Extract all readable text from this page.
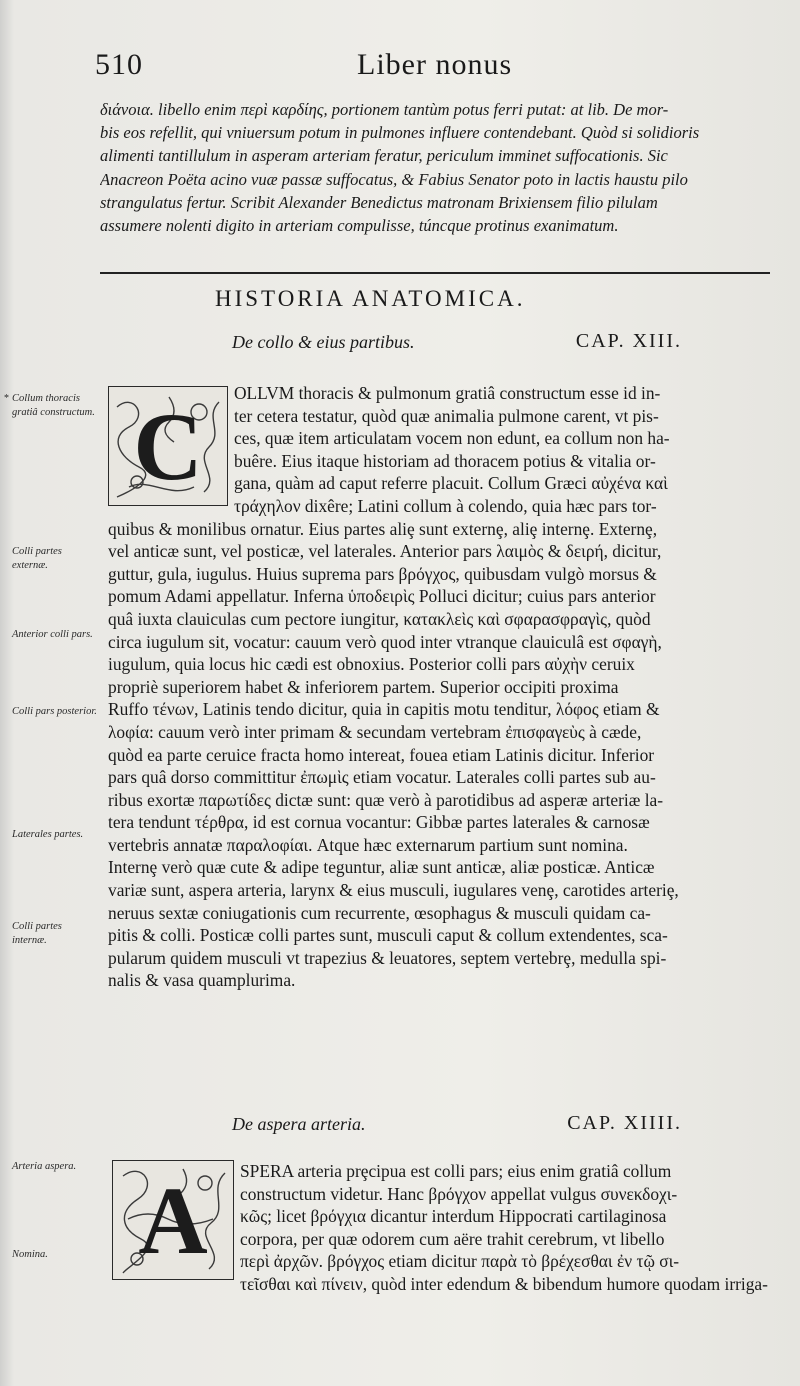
510	Liber nonus
διάνοια. libello enim περὶ καρδίης, portionem tantùm potus ferri putat: at lib. De mor-
bis eos refellit, qui vniuersum potum in pulmones influere contendebant. Quòd si solidioris
alimenti tantillulum in asperam arteriam feratur, periculum imminet suffocationis. Sic
Anacreon Poëta acino vuæ passæ suffocatus, & Fabius Senator poto in lactis haustu pilo
strangulatus fertur. Scribit Alexander Benedictus matronam Brixiensem filio pilulam
assumere nolenti digito in arteriam compulisse, túncque protinus exanimatum.
HISTORIA ANATOMICA.
De collo & eius partibus.	CAP. XIII.
* Collum thoracis gratiâ constructum.
Colli partes externæ.
Anterior colli pars.
Colli pars posterior.
Laterales partes.
Colli partes internæ.
Arteria aspera.
Nomina.
C	OLLVM thoracis & pulmonum gratiâ constructum esse id in-
ter cetera testatur, quòd quæ animalia pulmone carent, vt pis-
ces, quæ item articulatam vocem non edunt, ea collum non ha-
buêre. Eius itaque historiam ad thoracem potius & vitalia or-
gana, quàm ad caput referre placuit. Collum Græci αὐχένα καὶ
τράχηλον dixêre; Latini collum à colendo, quia hæc pars tor-
quibus & monilibus ornatur. Eius partes aliȩ sunt externȩ, aliȩ internȩ. Externȩ,
vel anticæ sunt, vel posticæ, vel laterales. Anterior pars λαιμὸς & δειρή, dicitur,
guttur, gula, iugulus. Huius suprema pars βρόγχος, quibusdam vulgò morsus &
pomum Adami appellatur. Inferna ὑποδειρὶς Polluci dicitur; cuius pars anterior
quâ iuxta clauiculas cum pectore iungitur, κατακλεὶς καὶ σφαρασφραγὶς, quòd
circa iugulum sit, vocatur: cauum verò quod inter vtranque clauiculâ est σφαγὴ,
iugulum, quia locus hic cædi est obnoxius. Posterior colli pars αὐχὴν ceruix
propriè superiorem habet & inferiorem partem. Superior occipiti proxima
Ruffo τένων, Latinis tendo dicitur, quia in capitis motu tenditur, λόφος etiam &
λοφία: cauum verò inter primam & secundam vertebram ἐπισφαγεὺς à cæde,
quòd ea parte ceruice fracta homo intereat, fouea etiam Latinis dicitur. Inferior
pars quâ dorso committitur ἐπωμὶς etiam vocatur. Laterales colli partes sub au-
ribus exortæ παρωτίδες dictæ sunt: quæ verò à parotidibus ad asperæ arteriæ la-
tera tendunt τέρθρα, id est cornua vocantur: Gibbæ partes laterales & carnosæ
vertebris annatæ παραλοφίαι. Atque hæc externarum partium sunt nomina.
Internȩ verò quæ cute & adipe teguntur, aliæ sunt anticæ, aliæ posticæ. Anticæ
variæ sunt, aspera arteria, larynx & eius musculi, iugulares venȩ, carotides arteriȩ,
neruus sextæ coniugationis cum recurrente, œsophagus & musculi quidam ca-
pitis & colli. Posticæ colli partes sunt, musculi caput & collum extendentes, sca-
pularum quidem musculi vt trapezius & leuatores, septem vertebrȩ, medulla spi-
nalis & vasa quamplurima.
De aspera arteria.	CAP. XIIII.
A	SPERA arteria prȩcipua est colli pars; eius enim gratiâ collum
constructum videtur. Hanc βρόγχον appellat vulgus συνεκδοχι-
κῶς; licet βρόγχια dicantur interdum Hippocrati cartilaginosa
corpora, per quæ odorem cum aëre trahit cerebrum, vt libello
περὶ ἀρχῶν. βρόγχος etiam dicitur παρὰ τὸ βρέχεσθαι ἐν τῷ σι-
τεῖσθαι καὶ πίνειν, quòd inter edendum & bibendum humore quodam irriga-
